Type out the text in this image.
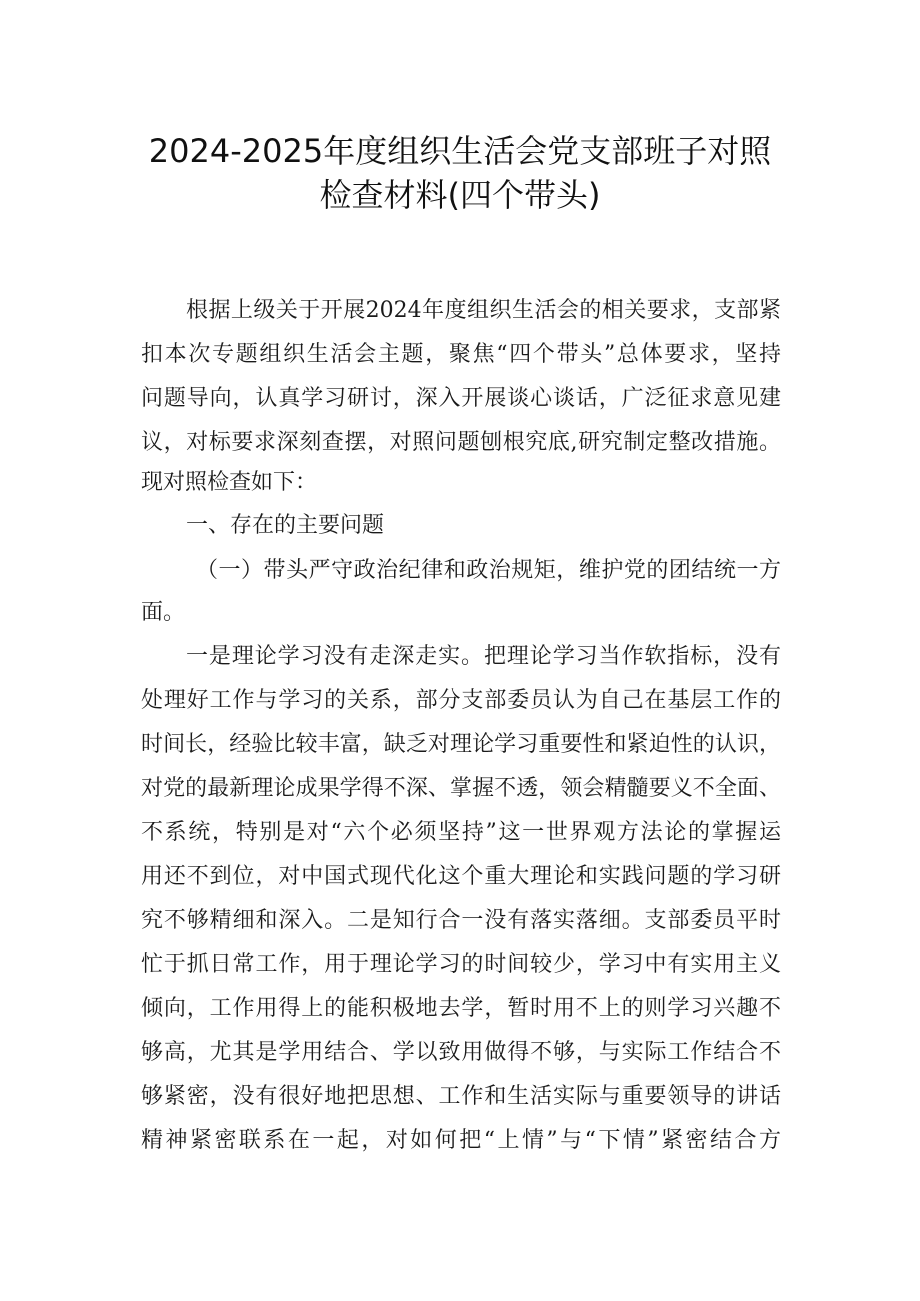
2024-2025年度组织生活会党支部班子对照
检查材料(四个带头)
根据上级关于开展2024年度组织生活会的相关要求，支部紧
扣本次专题组织生活会主题，聚焦“四个带头”总体要求，坚持
问题导向，认真学习研讨，深入开展谈心谈话，广泛征求意见建
议，对标要求深刻查摆，对照问题刨根究底,研究制定整改措施。
现对照检查如下：
一、存在的主要问题
（一）带头严守政治纪律和政治规矩，维护党的团结统一方
面。
一是理论学习没有走深走实。把理论学习当作软指标，没有
处理好工作与学习的关系，部分支部委员认为自己在基层工作的
时间长，经验比较丰富，缺乏对理论学习重要性和紧迫性的认识，
对党的最新理论成果学得不深、掌握不透，领会精髓要义不全面、
不系统，特别是对“六个必须坚持”这一世界观方法论的掌握运
用还不到位，对中国式现代化这个重大理论和实践问题的学习研
究不够精细和深入。二是知行合一没有落实落细。支部委员平时
忙于抓日常工作，用于理论学习的时间较少，学习中有实用主义
倾向，工作用得上的能积极地去学，暂时用不上的则学习兴趣不
够高，尤其是学用结合、学以致用做得不够，与实际工作结合不
够紧密，没有很好地把思想、工作和生活实际与重要领导的讲话
精神紧密联系在一起，对如何把“上情”与“下情”紧密结合方
